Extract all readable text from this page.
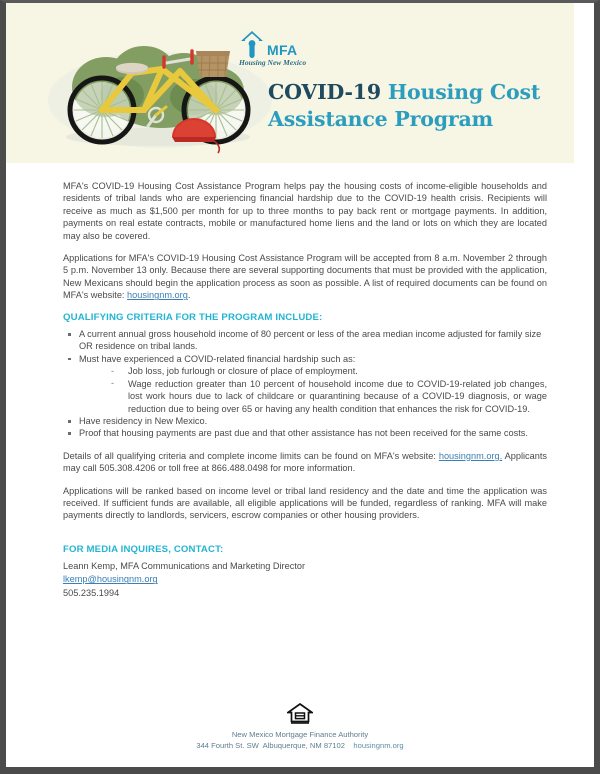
MFA
Housing New Mexico
COVID-19 Housing Cost Assistance Program

MFA's COVID-19 Housing Cost Assistance Program helps pay the housing costs of income-eligible households and residents of tribal lands who are experiencing financial hardship due to the COVID-19 health crisis. Recipients will receive as much as $1,500 per month for up to three months to pay back rent or mortgage payments. In addition, payments on real estate contracts, mobile or manufactured home liens and the land or lots on which they are located may also be covered.

Applications for MFA's COVID-19 Housing Cost Assistance Program will be accepted from 8 a.m. November 2 through 5 p.m. November 13 only. Because there are several supporting documents that must be provided with the application, New Mexicans should begin the application process as soon as possible. A list of required documents can be found on MFA's website: housingnm.org.

QUALIFYING CRITERIA FOR THE PROGRAM INCLUDE:
A current annual gross household income of 80 percent or less of the area median income adjusted for family size OR residence on tribal lands.
Must have experienced a COVID-related financial hardship such as:
- Job loss, job furlough or closure of place of employment.
- Wage reduction greater than 10 percent of household income due to COVID-19-related job changes, lost work hours due to lack of childcare or quarantining because of a COVID-19 diagnosis, or wage reduction due to being over 65 or having any health condition that enhances the risk for COVID-19.
Have residency in New Mexico.
Proof that housing payments are past due and that other assistance has not been received for the same costs.

Details of all qualifying criteria and complete income limits can be found on MFA's website: housingnm.org. Applicants may call 505.308.4206 or toll free at 866.488.0498 for more information.

Applications will be ranked based on income level or tribal land residency and the date and time the application was received. If sufficient funds are available, all eligible applications will be funded, regardless of ranking. MFA will make payments directly to landlords, servicers, escrow companies or other housing providers.

FOR MEDIA INQUIRES, CONTACT:

Leann Kemp, MFA Communications and Marketing Director

lkemp@housingnm.org

505.235.1994

New Mexico Mortgage Finance Authority
344 Fourth St. SW  Albuquerque, NM 87102 housingnm.org
